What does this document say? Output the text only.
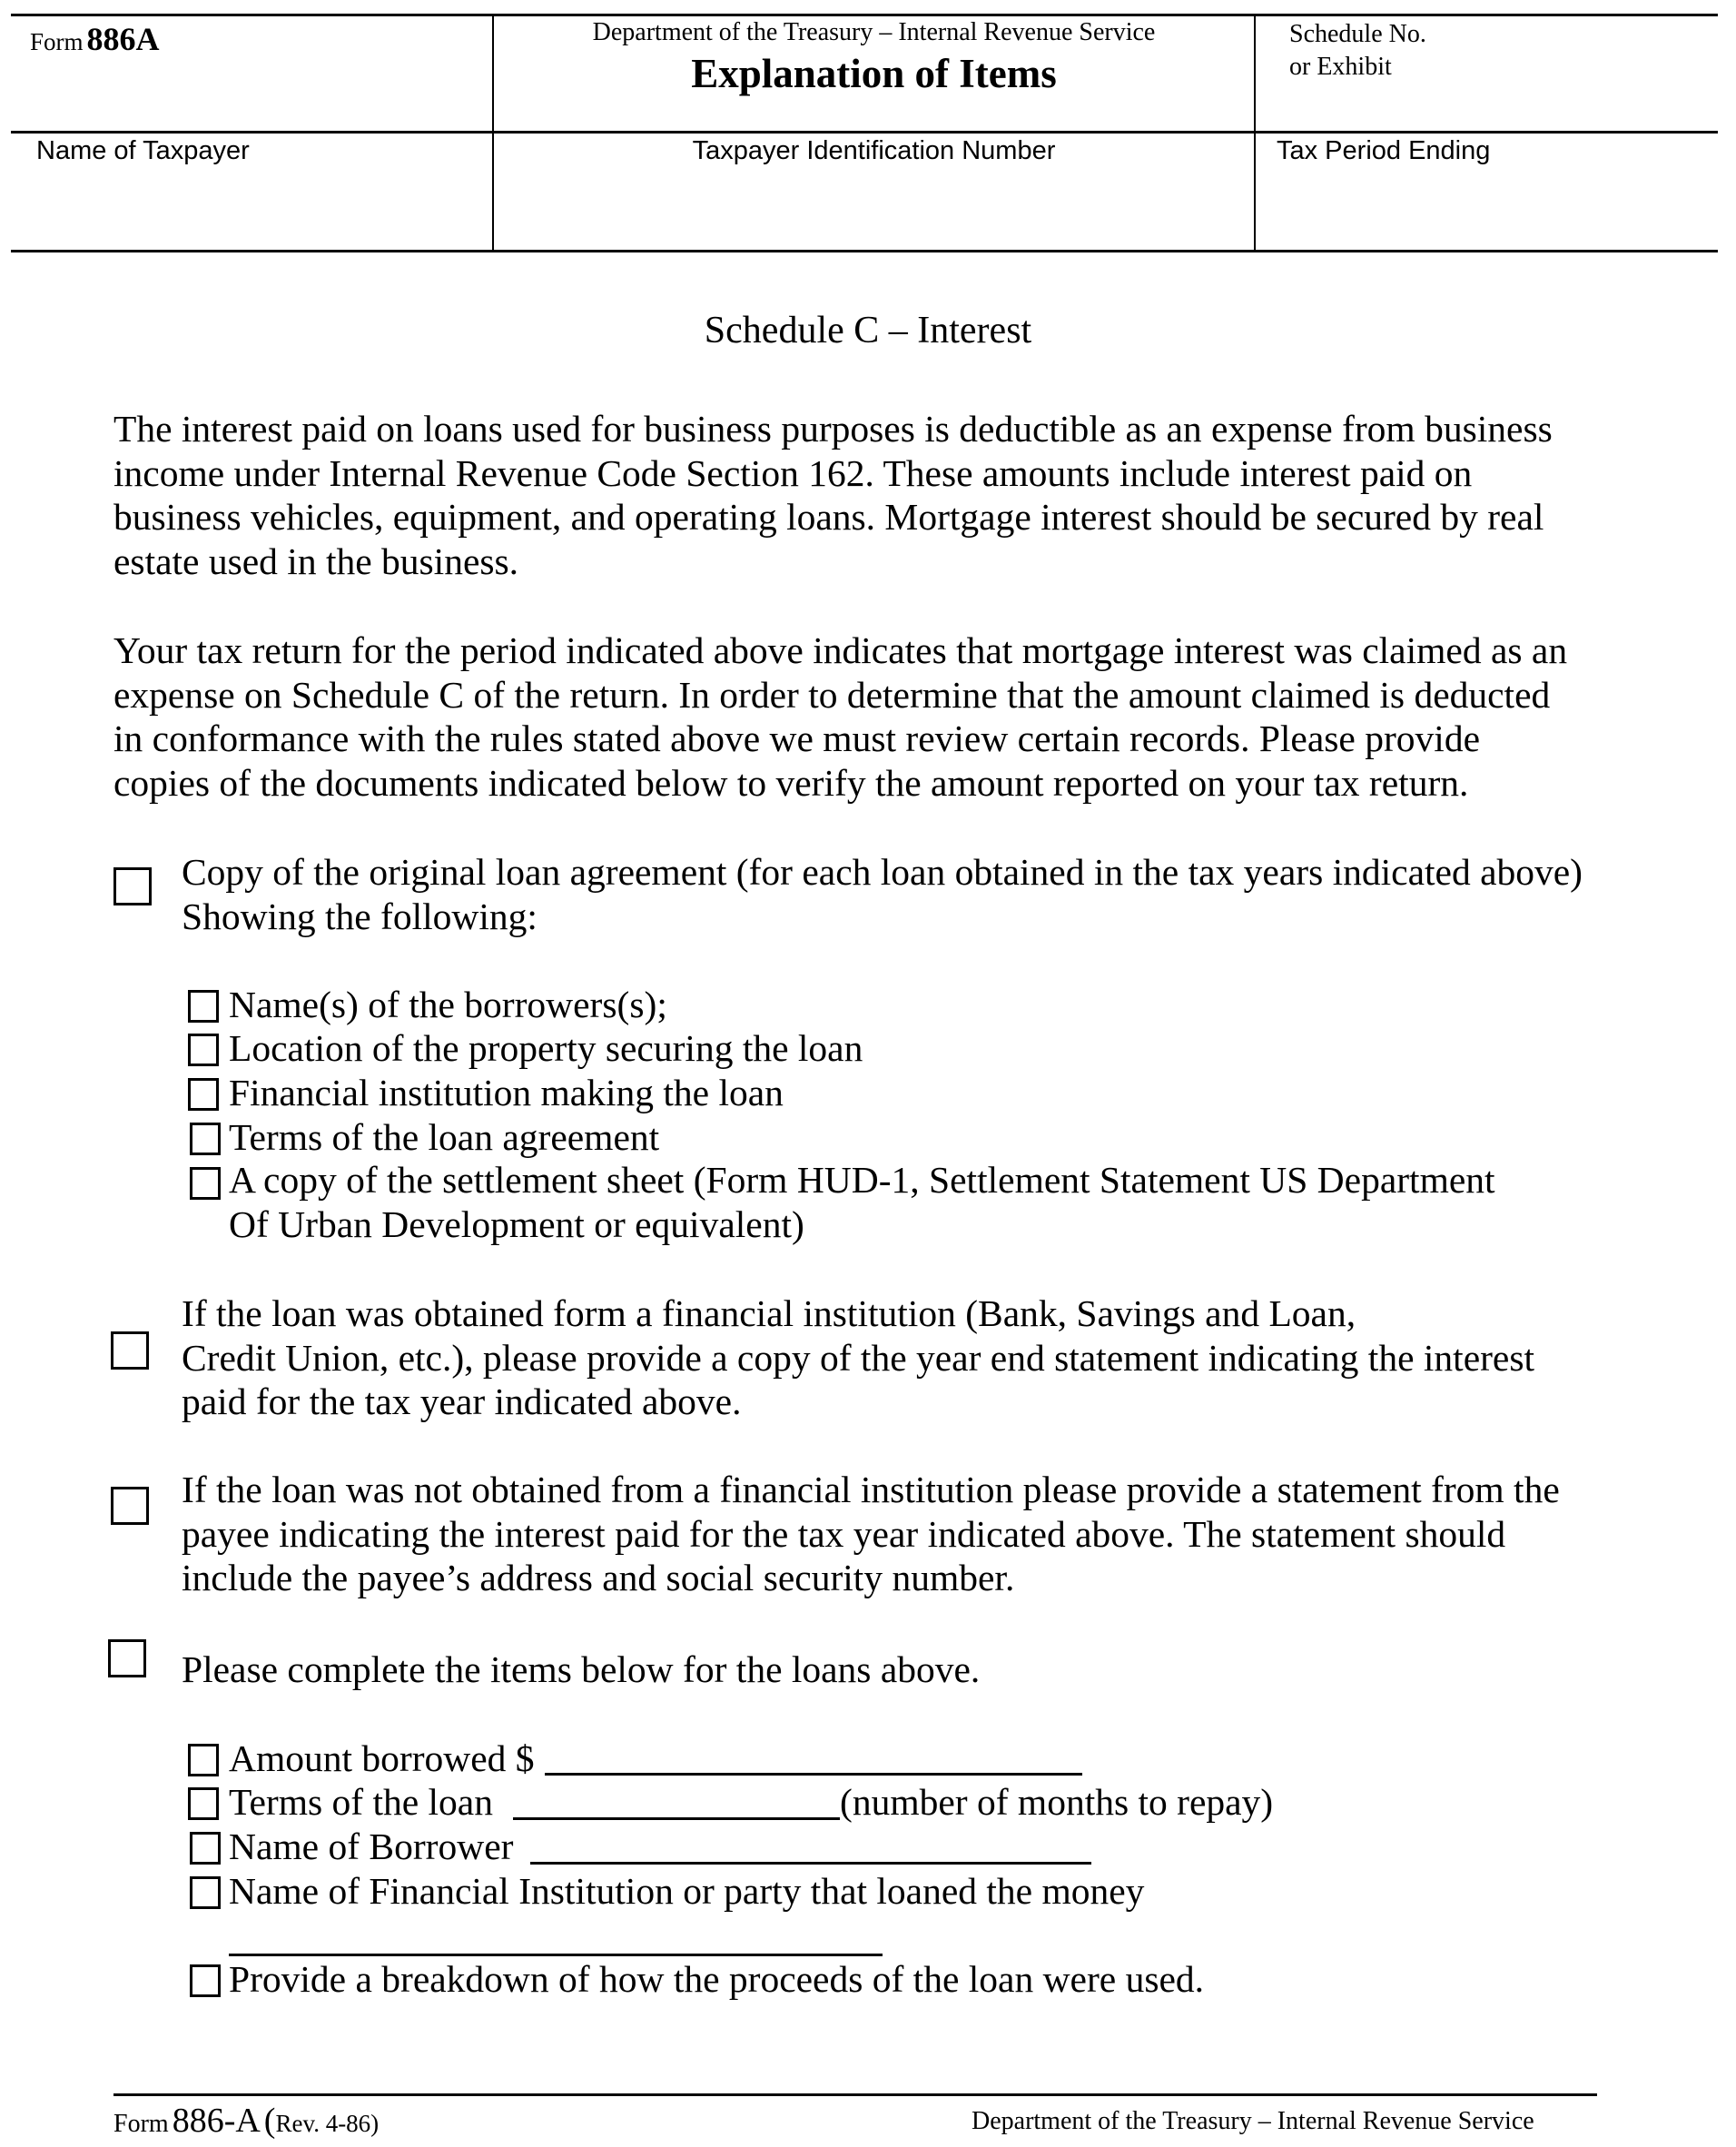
Form 886A	Department of the Treasury – Internal Revenue Service
Explanation of Items
Schedule No.
or Exhibit
Name of Taxpayer	Taxpayer Identification Number	Tax Period Ending
Schedule C – Interest
The interest paid on loans used for business purposes is deductible as an expense from business
income under Internal Revenue Code Section 162. These amounts include interest paid on
business vehicles, equipment, and operating loans. Mortgage interest should be secured by real
estate used in the business.
Your tax return for the period indicated above indicates that mortgage interest was claimed as an
expense on Schedule C of the return. In order to determine that the amount claimed is deducted
in conformance with the rules stated above we must review certain records. Please provide
copies of the documents indicated below to verify the amount reported on your tax return.
Copy of the original loan agreement (for each loan obtained in the tax years indicated above)
Showing the following:
Name(s) of the borrowers(s);
Location of the property securing the loan
Financial institution making the loan
Terms of the loan agreement
A copy of the settlement sheet (Form HUD-1, Settlement Statement US Department
Of Urban Development or equivalent)
If the loan was obtained form a financial institution (Bank, Savings and Loan,
Credit Union, etc.), please provide a copy of the year end statement indicating the interest
paid for the tax year indicated above.
If the loan was not obtained from a financial institution please provide a statement from the
payee indicating the interest paid for the tax year indicated above. The statement should
include the payee’s address and social security number.
Please complete the items below for the loans above.
Amount borrowed $
Terms of the loan	(number of months to repay)
Name of Borrower
Name of Financial Institution or party that loaned the money
Provide a breakdown of how the proceeds of the loan were used.
Form 886-A (Rev. 4-86)	Department of the Treasury – Internal Revenue Service
